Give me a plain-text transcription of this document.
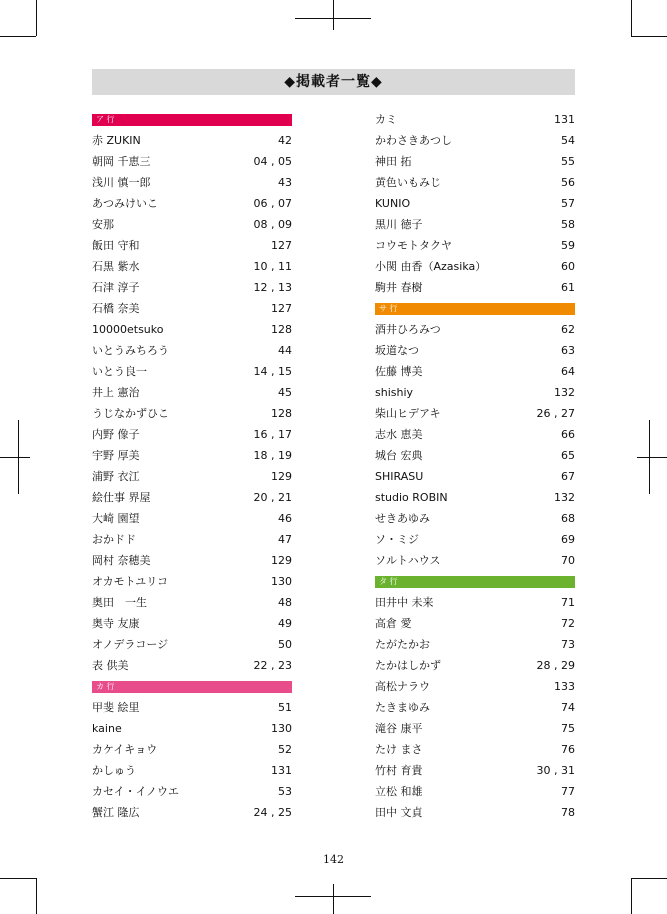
◆掲載者一覧◆
ア 行
赤 ZUKIN	42
朝岡 千恵三	04 , 05
浅川 慎一郎	43
あつみけいこ	06 , 07
安那	08 , 09
飯田 守和	127
石黒 紫水	10 , 11
石津 淳子	12 , 13
石橋 奈美	127
10000etsuko	128
いとうみちろう	44
いとう良一	14 , 15
井上 憲治	45
うじなかずひこ	128
内野 像子	16 , 17
宇野 厚美	18 , 19
浦野 衣江	129
絵仕事 界屋	20 , 21
大崎 園望	46
おかドド	47
岡村 奈穂美	129
オカモトユリコ	130
奥田　一生	48
奥寺 友康	49
オノデラコージ	50
表 供美	22 , 23
カ 行
甲斐 絵里	51
kaine	130
カケイキョウ	52
かしゅう	131
カセイ・イノウエ	53
蟹江 隆広	24 , 25
カミ	131
かわさきあつし	54
神田 拓	55
黄色いもみじ	56
KUNIO	57
黒川 徳子	58
コウモトタクヤ	59
小関 由香（Azasika）	60
駒井 春樹	61
サ 行
酒井ひろみつ	62
坂道なつ	63
佐藤 博美	64
shishiy	132
柴山ヒデアキ	26 , 27
志水 恵美	66
城台 宏典	65
SHIRASU	67
studio ROBIN	132
せきあゆみ	68
ソ・ミジ	69
ソルトハウス	70
タ 行
田井中 未来	71
高倉 愛	72
たがたかお	73
たかはしかず	28 , 29
高松ナラウ	133
たきまゆみ	74
滝谷 康平	75
たけ まさ	76
竹村 育貴	30 , 31
立松 和雄	77
田中 文貞	78
142
